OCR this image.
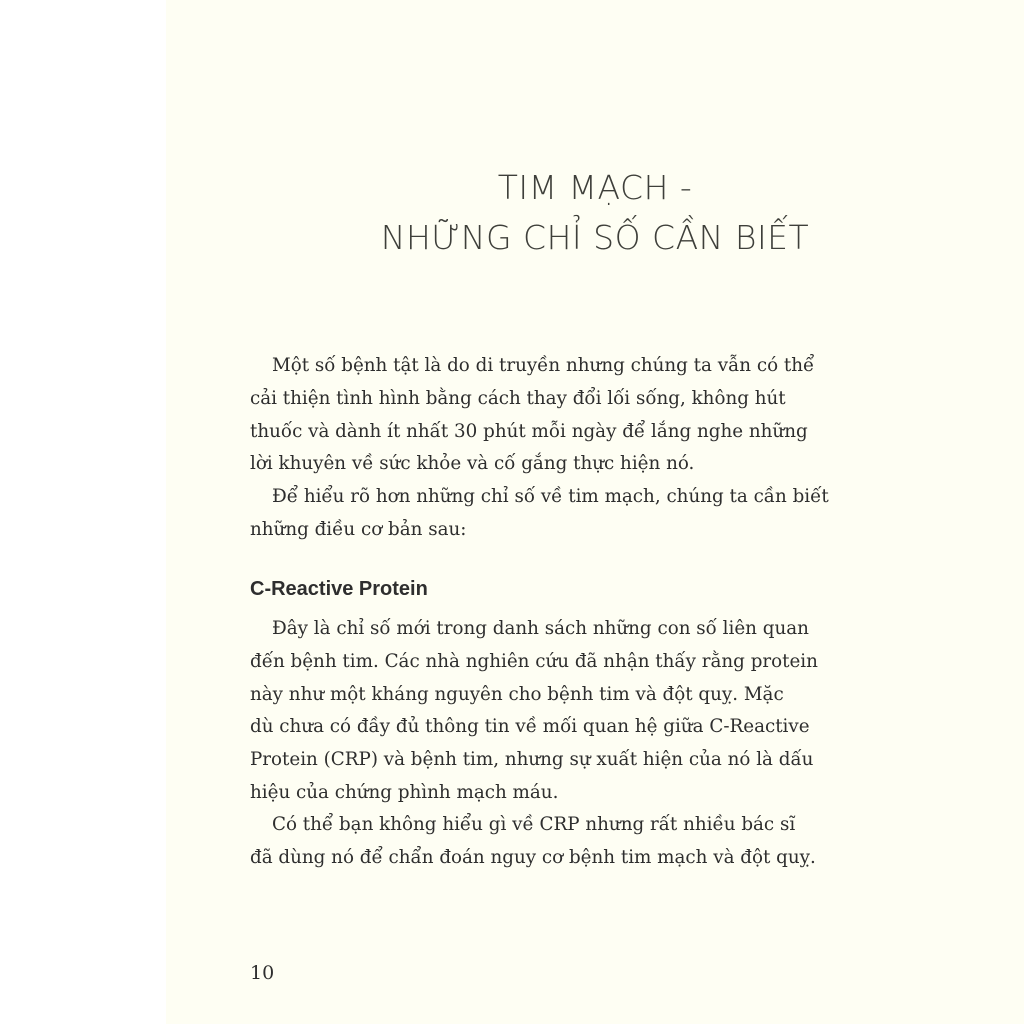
TIM MẠCH -
NHỮNG CHỈ SỐ CẦN BIẾT

Một số bệnh tật là do di truyền nhưng chúng ta vẫn có thể
cải thiện tình hình bằng cách thay đổi lối sống, không hút
thuốc và dành ít nhất 30 phút mỗi ngày để lắng nghe những
lời khuyên về sức khỏe và cố gắng thực hiện nó.

Để hiểu rõ hơn những chỉ số về tim mạch, chúng ta cần biết
những điều cơ bản sau:

C-Reactive Protein

Đây là chỉ số mới trong danh sách những con số liên quan
đến bệnh tim. Các nhà nghiên cứu đã nhận thấy rằng protein
này như một kháng nguyên cho bệnh tim và đột quỵ. Mặc
dù chưa có đầy đủ thông tin về mối quan hệ giữa C-Reactive
Protein (CRP) và bệnh tim, nhưng sự xuất hiện của nó là dấu
hiệu của chứng phình mạch máu.

Có thể bạn không hiểu gì về CRP nhưng rất nhiều bác sĩ
đã dùng nó để chẩn đoán nguy cơ bệnh tim mạch và đột quỵ.

10
